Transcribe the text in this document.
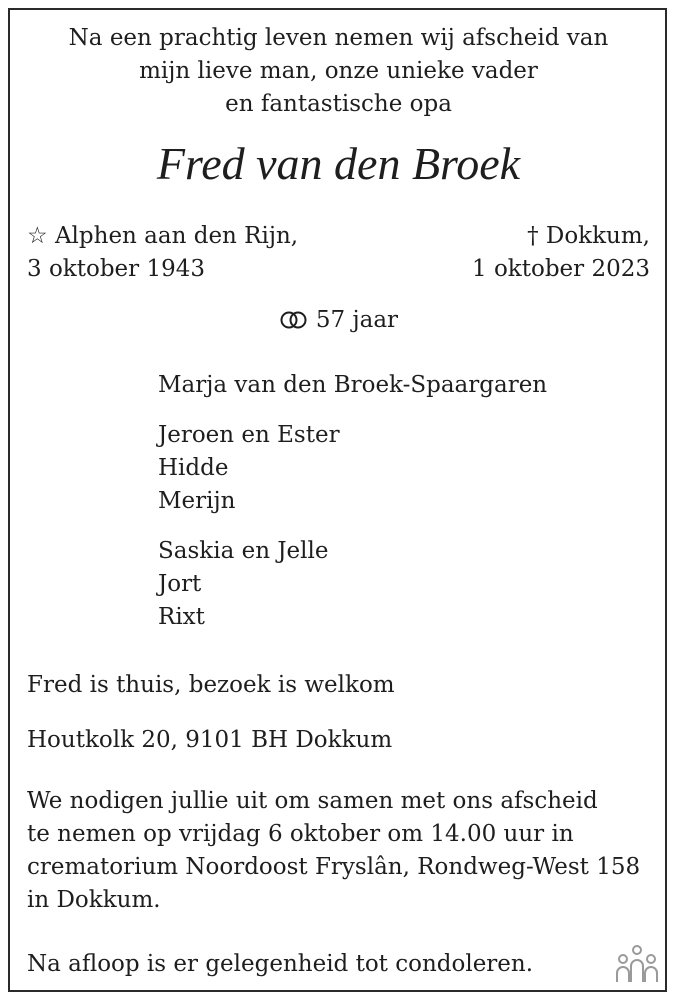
Na een prachtig leven nemen wij afscheid van
mijn lieve man, onze unieke vader
en fantastische opa
Fred van den Broek
☆ Alphen aan den Rijn,
3 oktober 1943
† Dokkum,
1 oktober 2023
57 jaar
Marja van den Broek-Spaargaren
Jeroen en Ester
Hidde
Merijn
Saskia en Jelle
Jort
Rixt
Fred is thuis, bezoek is welkom
Houtkolk 20, 9101 BH Dokkum
We nodigen jullie uit om samen met ons afscheid
te nemen op vrijdag 6 oktober om 14.00 uur in
crematorium Noordoost Fryslân, Rondweg-West 158
in Dokkum.
Na afloop is er gelegenheid tot condoleren.
